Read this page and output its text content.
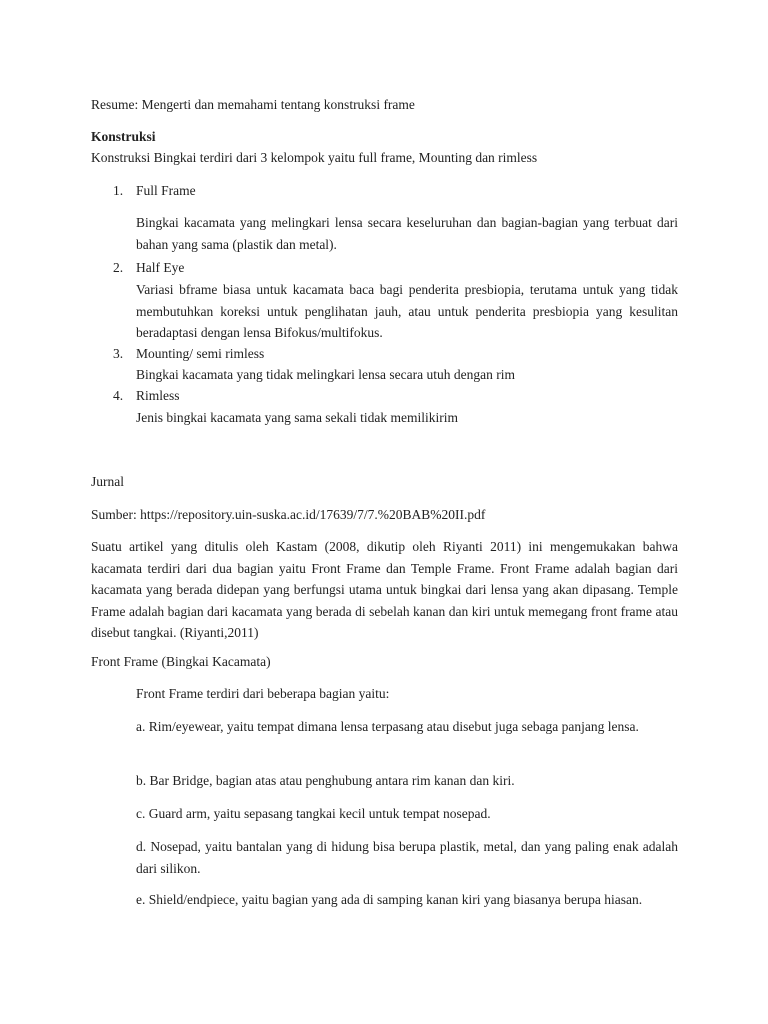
Resume: Mengerti dan memahami tentang konstruksi frame

Konstruksi

Konstruksi Bingkai terdiri dari 3 kelompok yaitu full frame, Mounting dan rimless

1. Full Frame

Bingkai kacamata yang melingkari lensa secara keseluruhan dan bagian-bagian yang terbuat dari bahan yang sama (plastik dan metal).

2. Half Eye

Variasi bframe biasa untuk kacamata baca bagi penderita presbiopia, terutama untuk yang tidak membutuhkan koreksi untuk penglihatan jauh, atau untuk penderita presbiopia yang kesulitan beradaptasi dengan lensa Bifokus/multifokus.

3. Mounting/ semi rimless

Bingkai kacamata yang tidak melingkari lensa secara utuh dengan rim

4. Rimless

Jenis bingkai kacamata yang sama sekali tidak memilikirim

Jurnal

Sumber: https://repository.uin-suska.ac.id/17639/7/7.%20BAB%20II.pdf

Suatu artikel yang ditulis oleh Kastam (2008, dikutip oleh Riyanti 2011) ini mengemukakan bahwa kacamata terdiri dari dua bagian yaitu Front Frame dan Temple Frame. Front Frame adalah bagian dari kacamata yang berada didepan yang berfungsi utama untuk bingkai dari lensa yang akan dipasang. Temple Frame adalah bagian dari kacamata yang berada di sebelah kanan dan kiri untuk memegang front frame atau disebut tangkai. (Riyanti,2011)

Front Frame (Bingkai Kacamata)

Front Frame terdiri dari beberapa bagian yaitu:

a. Rim/eyewear, yaitu tempat dimana lensa terpasang atau disebut juga sebaga panjang lensa.

b. Bar Bridge, bagian atas atau penghubung antara rim kanan dan kiri.

c. Guard arm, yaitu sepasang tangkai kecil untuk tempat nosepad.

d. Nosepad, yaitu bantalan yang di hidung bisa berupa plastik, metal, dan yang paling enak adalah dari silikon.

e. Shield/endpiece, yaitu bagian yang ada di samping kanan kiri yang biasanya berupa hiasan.
